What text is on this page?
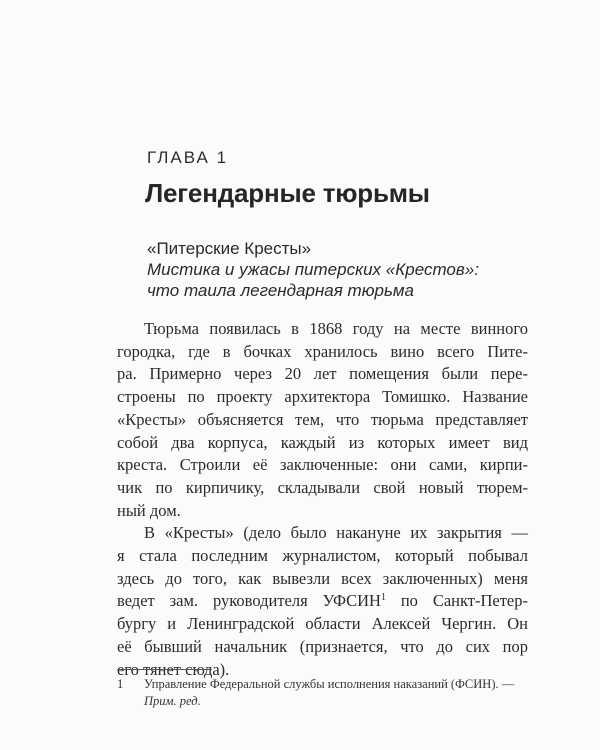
ГЛАВА 1
Легендарные тюрьмы
«Питерские Кресты»
Мистика и ужасы питерских «Крестов»:
что таила легендарная тюрьма

Тюрьма появилась в 1868 году на месте винного
городка, где в бочках хранилось вино всего Пите-
ра. Примерно через 20 лет помещения были пере-
строены по проекту архитектора Томишко. Название
«Кресты» объясняется тем, что тюрьма представляет
собой два корпуса, каждый из которых имеет вид
креста. Строили её заключенные: они сами, кирпи-
чик по кирпичику, складывали свой новый тюрем-
ный дом.

В «Кресты» (дело было накануне их закрытия —
я стала последним журналистом, который побывал
здесь до того, как вывезли всех заключенных) меня
ведет зам. руководителя УФСИН$^1$ по Санкт-Петер-
бургу и Ленинградской области Алексей Чергин. Он
её бывший начальник (признается, что до сих пор
его тянет сюда).

1 Управление Федеральной службы исполнения наказаний (ФСИН). —
Прим. ред.
